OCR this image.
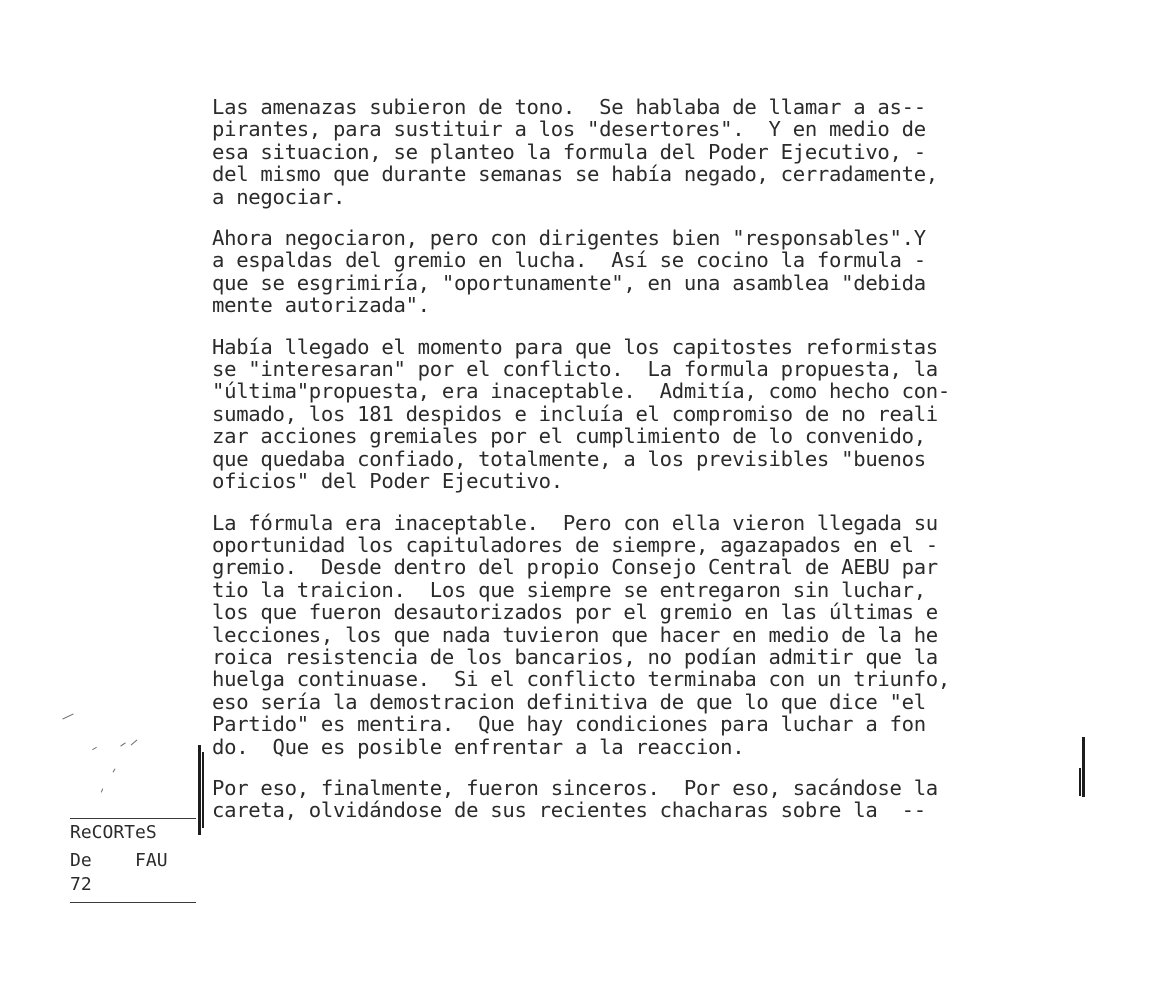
Las amenazas subieron de tono.  Se hablaba de llamar a as--
pirantes, para sustituir a los "desertores".  Y en medio de
esa situacion, se planteo la formula del Poder Ejecutivo, -
del mismo que durante semanas se había negado, cerradamente,
a negociar.
Ahora negociaron, pero con dirigentes bien "responsables".Y
a espaldas del gremio en lucha.  Así se cocino la formula -
que se esgrimiría, "oportunamente", en una asamblea "debida
mente autorizada".
Había llegado el momento para que los capitostes reformistas
se "interesaran" por el conflicto.  La formula propuesta, la
"última"propuesta, era inaceptable.  Admitía, como hecho con-
sumado, los 181 despidos e incluía el compromiso de no reali
zar acciones gremiales por el cumplimiento de lo convenido,
que quedaba confiado, totalmente, a los previsibles "buenos
oficios" del Poder Ejecutivo.
La fórmula era inaceptable.  Pero con ella vieron llegada su
oportunidad los capituladores de siempre, agazapados en el -
gremio.  Desde dentro del propio Consejo Central de AEBU par
tio la traicion.  Los que siempre se entregaron sin luchar,
los que fueron desautorizados por el gremio en las últimas e
lecciones, los que nada tuvieron que hacer en medio de la he
roica resistencia de los bancarios, no podían admitir que la
huelga continuase.  Si el conflicto terminaba con un triunfo,
eso sería la demostracion definitiva de que lo que dice "el
Partido" es mentira.  Que hay condiciones para luchar a fon
do.  Que es posible enfrentar a la reaccion.
Por eso, finalmente, fueron sinceros.  Por eso, sacándose la
careta, olvidándose de sus recientes chacharas sobre la  --
ReCORTeS
De    FAU
72
